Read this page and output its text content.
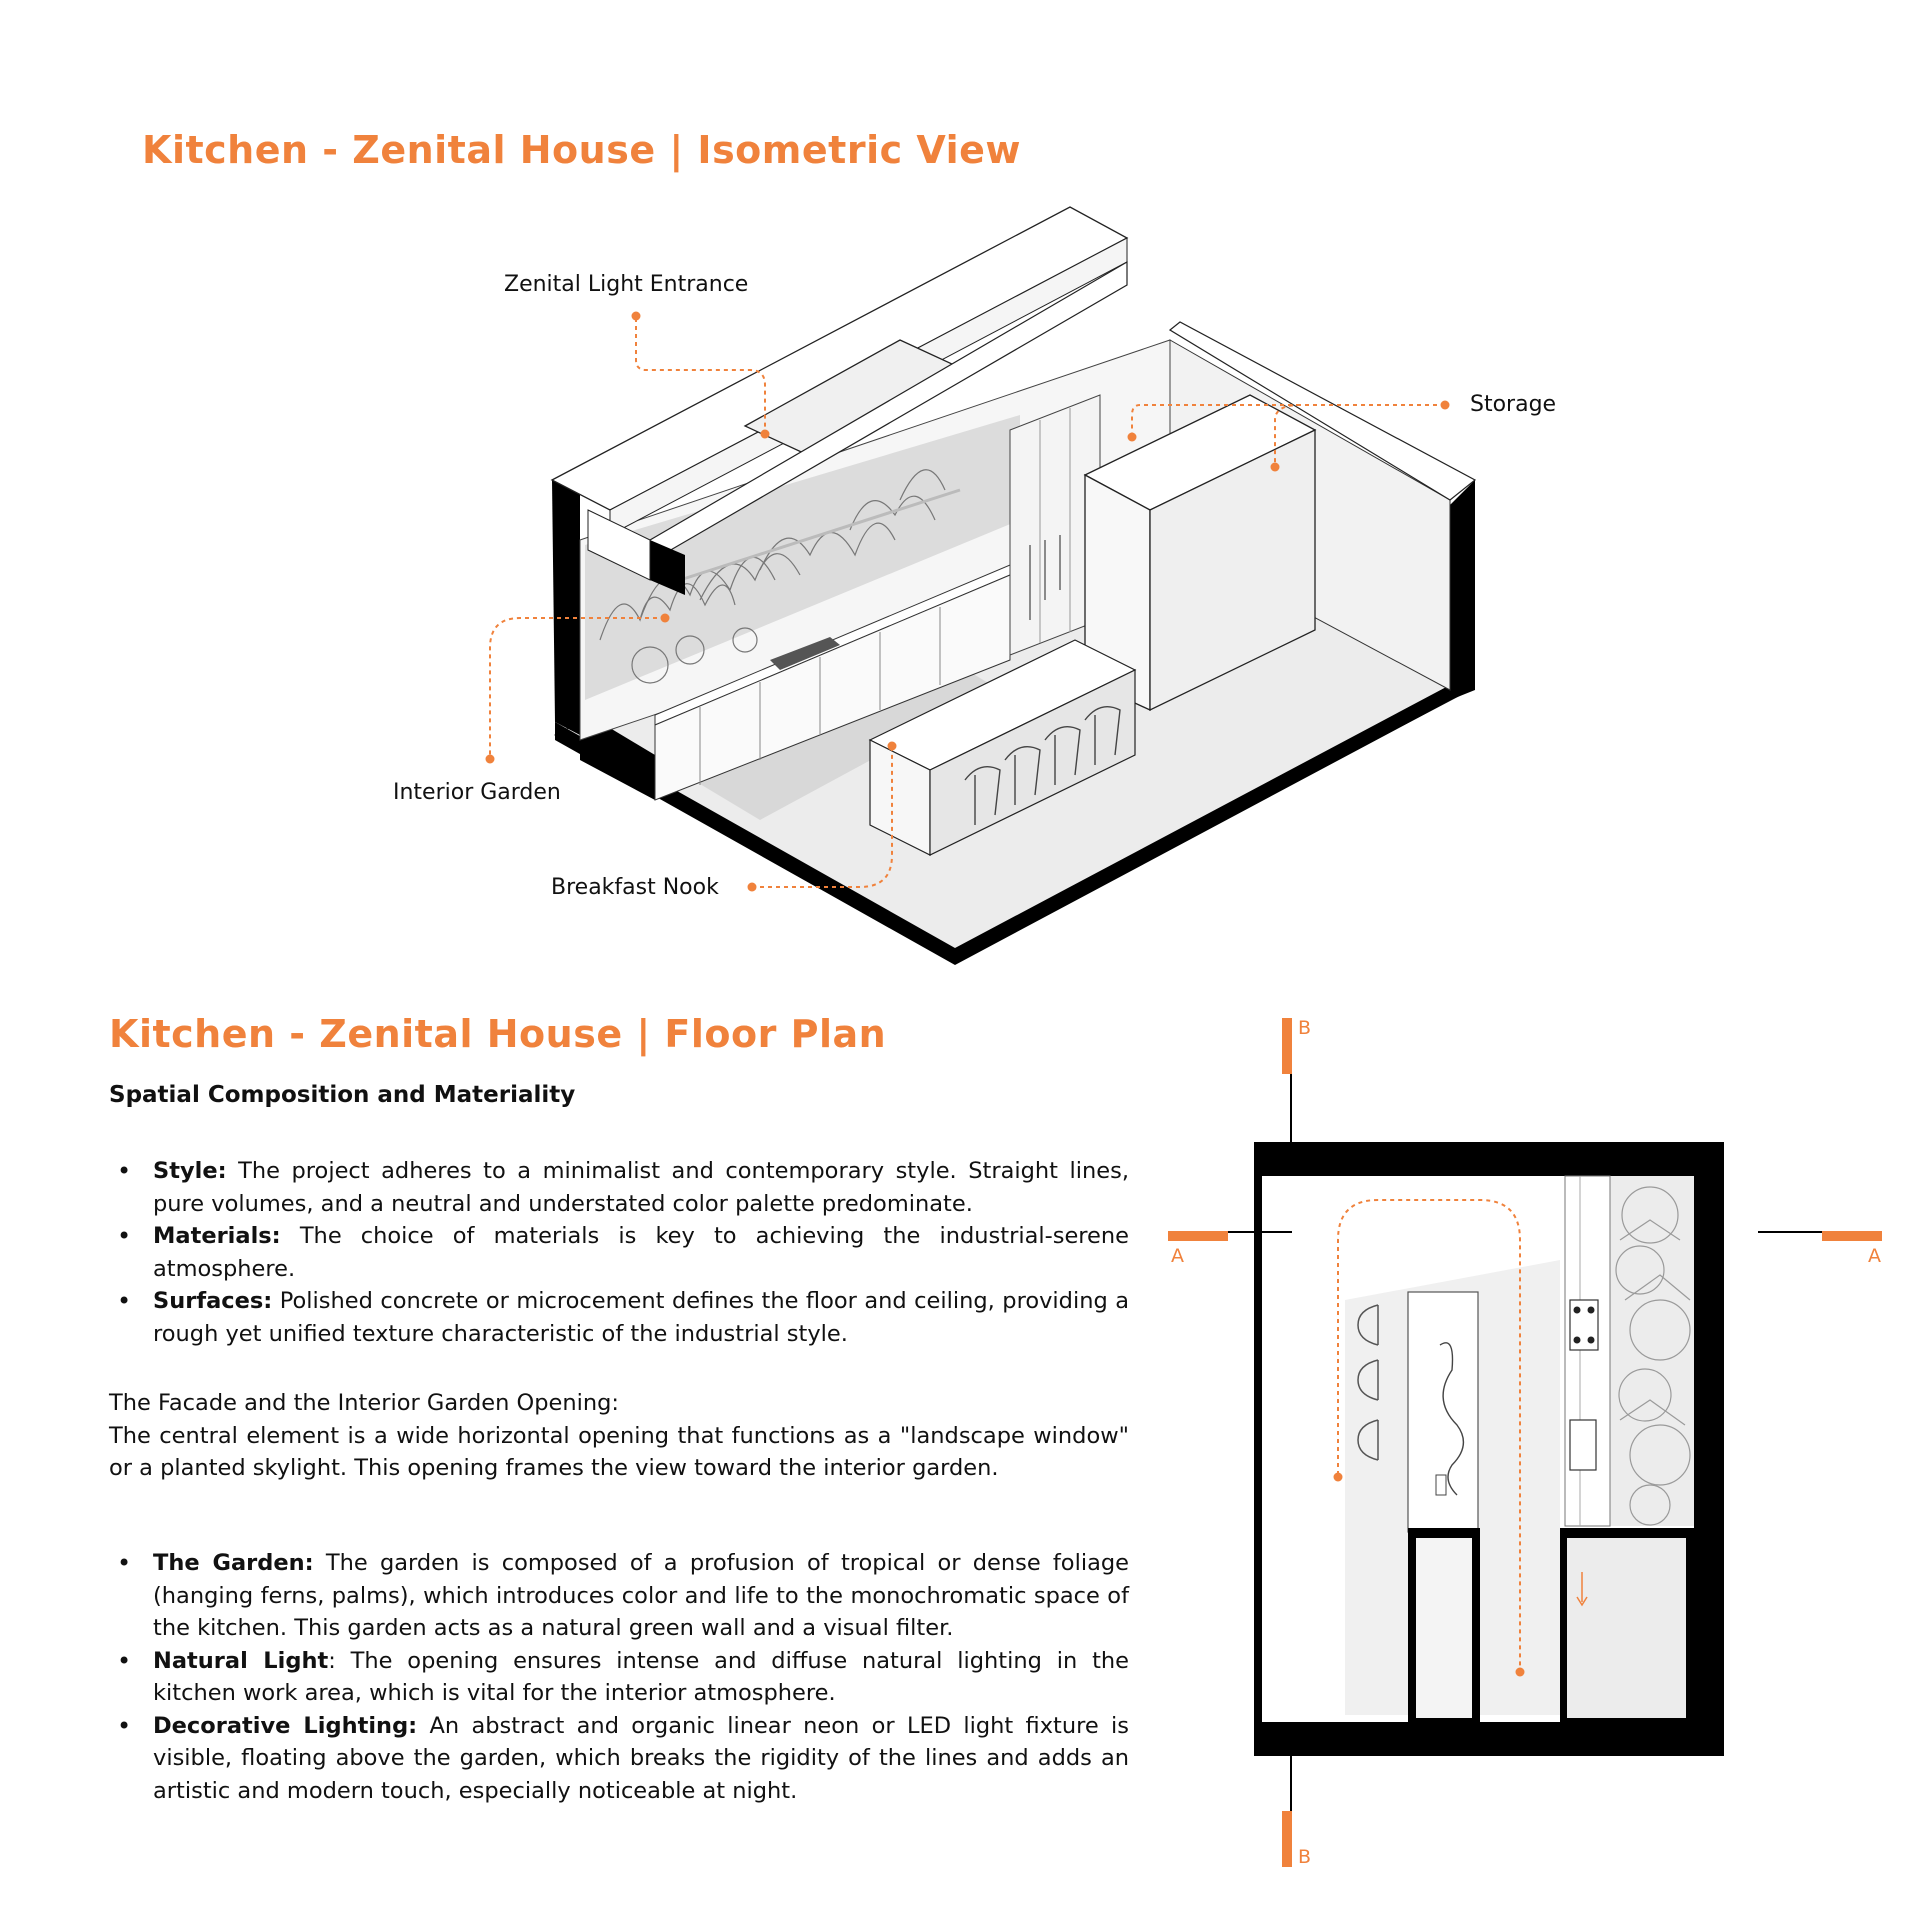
Kitchen - Zenital House | Isometric View
Zenital Light Entrance
Storage
Interior Garden
Breakfast Nook
Kitchen - Zenital House | Floor Plan
Spatial Composition and Materiality
• Style: The project adheres to a minimalist and contemporary style. Straight lines, pure volumes, and a neutral and understated color palette predominate.
• Materials: The choice of materials is key to achieving the industrial-serene atmosphere.
• Surfaces: Polished concrete or microcement defines the floor and ceiling, providing a rough yet unified texture characteristic of the industrial style.

The Facade and the Interior Garden Opening:

The central element is a wide horizontal opening that functions as a "landscape window" or a planted skylight. This opening frames the view toward the interior garden.

• The Garden: The garden is composed of a profusion of tropical or dense foliage (hanging ferns, palms), which introduces color and life to the monochromatic space of the kitchen. This garden acts as a natural green wall and a visual filter.
• Natural Light: The opening ensures intense and diffuse natural lighting in the kitchen work area, which is vital for the interior atmosphere.
• Decorative Lighting: An abstract and organic linear neon or LED light fixture is visible, floating above the garden, which breaks the rigidity of the lines and adds an artistic and modern touch, especially noticeable at night.
B
B
A	A
